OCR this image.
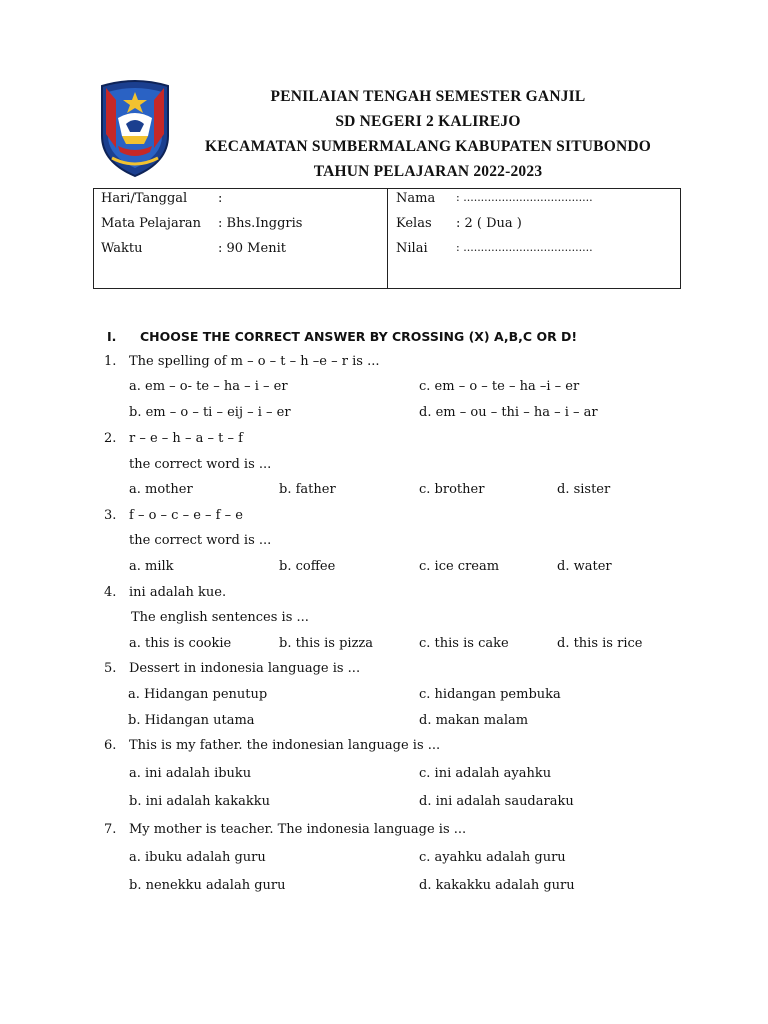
PENILAIAN TENGAH SEMESTER GANJIL
SD NEGERI 2 KALIREJO
KECAMATAN SUMBERMALANG KABUPATEN SITUBONDO
TAHUN PELAJARAN 2022-2023
Hari/Tanggal :
Mata Pelajaran : Bhs.Inggris
Waktu	: 90 Menit
Nama : .....................................
Kelas : 2 ( Dua )
Nilai	: .....................................
I. CHOOSE THE CORRECT ANSWER BY CROSSING (X) A,B,C OR D!
1. The spelling of m – o – t – h –e – r is ...
a. em – o- te – ha – i – er	c. em – o – te – ha –i – er
b. em – o – ti – eij – i – er	d. em – ou – thi – ha – i – ar
2. r – e – h – a – t – f
the correct word is ...
a. mother	b. father	c. brother	d. sister
3. f – o – c – e – f – e
the correct word is ...
a. milk	b. coffee	c. ice cream	d. water
4. ini adalah kue.
The english sentences is ...
a. this is cookie	b. this is pizza	c. this is cake	d. this is rice
5. Dessert in indonesia language is ...
a. Hidangan penutup	c. hidangan pembuka
b. Hidangan utama	d. makan malam
6. This is my father. the indonesian language is ...
a. ini adalah ibuku	c. ini adalah ayahku
b. ini adalah kakakku	d. ini adalah saudaraku
7. My mother is teacher. The indonesia language is ...
a. ibuku adalah guru	c. ayahku adalah guru
b. nenekku adalah guru	d. kakakku adalah guru
